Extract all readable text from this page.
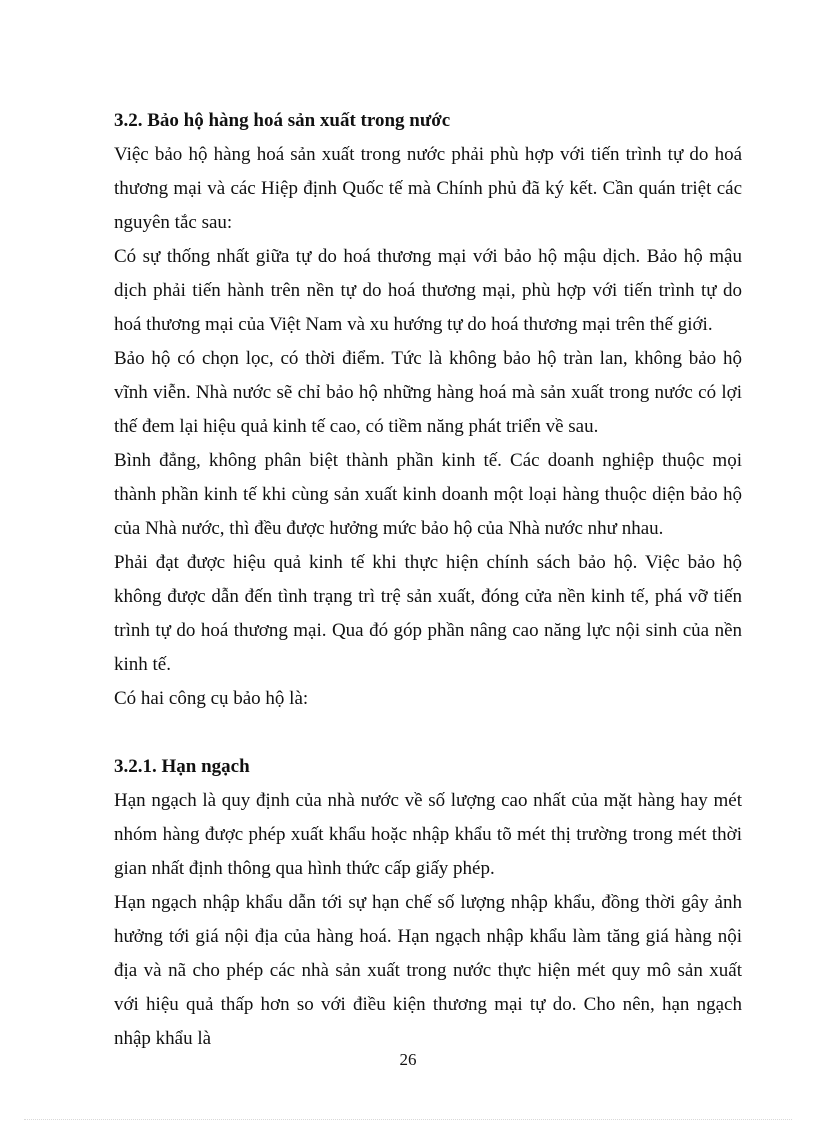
3.2. Bảo hộ hàng hoá sản xuất trong nước

Việc bảo hộ hàng hoá sản xuất trong nước phải phù hợp với tiến trình tự do hoá thương mại và các Hiệp định Quốc tế mà Chính phủ đã ký kết. Cần quán triệt các nguyên tắc sau:

Có sự thống nhất giữa tự do hoá thương mại với bảo hộ mậu dịch. Bảo hộ mậu dịch phải tiến hành trên nền tự do hoá thương mại, phù hợp với tiến trình tự do hoá thương mại của Việt Nam và xu hướng tự do hoá thương mại trên thế giới.

Bảo hộ có chọn lọc, có thời điểm. Tức là không bảo hộ tràn lan, không bảo hộ vĩnh viễn. Nhà nước sẽ chỉ bảo hộ những hàng hoá mà sản xuất trong nước có lợi thế đem lại hiệu quả kinh tế cao, có tiềm năng phát triển về sau.

Bình đẳng, không phân biệt thành phần kinh tế. Các doanh nghiệp thuộc mọi thành phần kinh tế khi cùng sản xuất kinh doanh một loại hàng thuộc diện bảo hộ của Nhà nước, thì đều được hưởng mức bảo hộ của Nhà nước như nhau.

Phải đạt được hiệu quả kinh tế khi thực hiện chính sách bảo hộ. Việc bảo hộ không được dẫn đến tình trạng trì trệ sản xuất, đóng cửa nền kinh tế, phá vỡ tiến trình tự do hoá thương mại. Qua đó góp phần nâng cao năng lực nội sinh của nền kinh tế.

Có hai công cụ bảo hộ là:

3.2.1. Hạn ngạch

Hạn ngạch là quy định của nhà nước về số lượng cao nhất của mặt hàng hay mét nhóm hàng được phép xuất khẩu hoặc nhập khẩu tõ mét thị trường trong mét thời gian nhất định thông qua hình thức cấp giấy phép.

Hạn ngạch nhập khẩu dẫn tới sự hạn chế số lượng nhập khẩu, đồng thời gây ảnh hưởng tới giá nội địa của hàng hoá. Hạn ngạch nhập khẩu làm tăng giá hàng nội địa và nã cho phép các nhà sản xuất trong nước thực hiện mét quy mô sản xuất với hiệu quả thấp hơn so với điều kiện thương mại tự do. Cho nên, hạn ngạch nhập khẩu là

26
